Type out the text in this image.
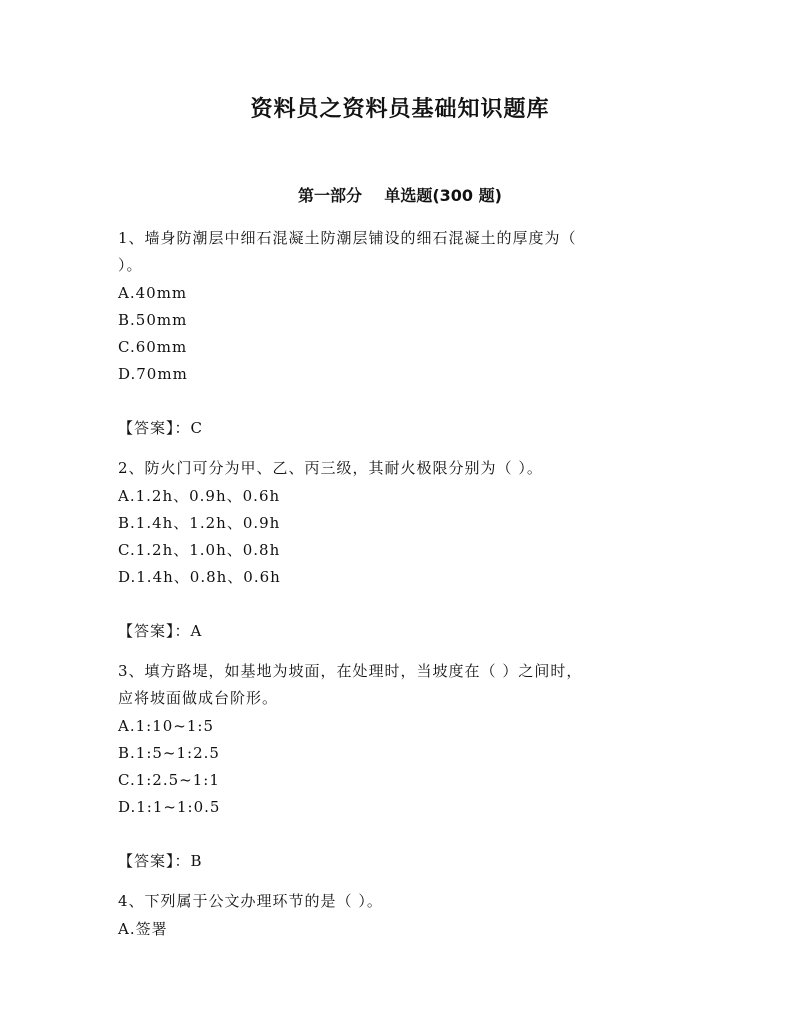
资料员之资料员基础知识题库
第一部分 单选题(300 题)
1、墙身防潮层中细石混凝土防潮层铺设的细石混凝土的厚度为（
）。
A.40mm
B.50mm
C.60mm
D.70mm
【答案】：C
2、防火门可分为甲、乙、丙三级，其耐火极限分别为（ ）。
A.1.2h、0.9h、0.6h
B.1.4h、1.2h、0.9h
C.1.2h、1.0h、0.8h
D.1.4h、0.8h、0.6h
【答案】：A
3、填方路堤，如基地为坡面，在处理时，当坡度在（ ）之间时，
应将坡面做成台阶形。
A.1:10~1:5
B.1:5~1:2.5
C.1:2.5~1:1
D.1:1~1:0.5
【答案】：B
4、下列属于公文办理环节的是（ ）。
A.签署
